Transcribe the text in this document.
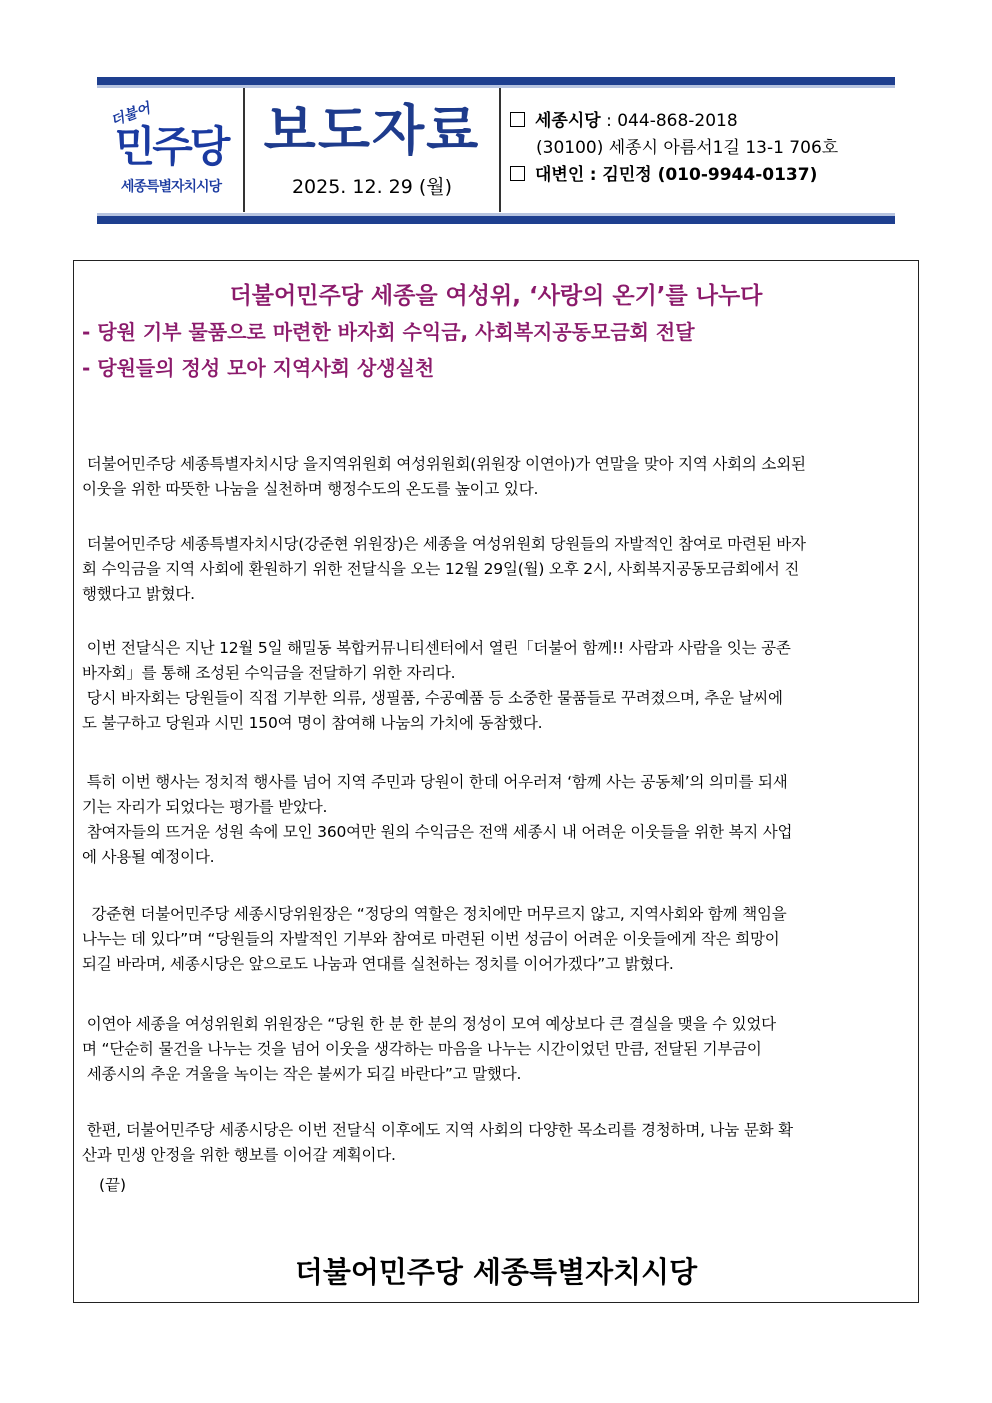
더불어
민주당
세종특별자치시당
보도자료
2025. 12. 29 (월)
세종시당 : 044-868-2018
(30100) 세종시 아름서1길 13-1 706호
대변인 : 김민정 (010-9944-0137)
더불어민주당 세종을 여성위, ‘사랑의 온기’를 나누다
- 당원 기부 물품으로 마련한 바자회 수익금, 사회복지공동모금회 전달
- 당원들의 정성 모아 지역사회 상생실천
더불어민주당 세종특별자치시당 을지역위원회 여성위원회(위원장 이연아)가 연말을 맞아 지역 사회의 소외된
이웃을 위한 따뜻한 나눔을 실천하며 행정수도의 온도를 높이고 있다.
더불어민주당 세종특별자치시당(강준현 위원장)은 세종을 여성위원회 당원들의 자발적인 참여로 마련된 바자
회 수익금을 지역 사회에 환원하기 위한 전달식을 오는 12월 29일(월) 오후 2시, 사회복지공동모금회에서 진
행했다고 밝혔다.
이번 전달식은 지난 12월 5일 해밀동 복합커뮤니티센터에서 열린「더불어 함께!! 사람과 사람을 잇는 공존
바자회」를 통해 조성된 수익금을 전달하기 위한 자리다.
당시 바자회는 당원들이 직접 기부한 의류, 생필품, 수공예품 등 소중한 물품들로 꾸려졌으며, 추운 날씨에
도 불구하고 당원과 시민 150여 명이 참여해 나눔의 가치에 동참했다.
특히 이번 행사는 정치적 행사를 넘어 지역 주민과 당원이 한데 어우러져 ‘함께 사는 공동체’의 의미를 되새
기는 자리가 되었다는 평가를 받았다.
참여자들의 뜨거운 성원 속에 모인 360여만 원의 수익금은 전액 세종시 내 어려운 이웃들을 위한 복지 사업
에 사용될 예정이다.
강준현 더불어민주당 세종시당위원장은 “정당의 역할은 정치에만 머무르지 않고, 지역사회와 함께 책임을
나누는 데 있다”며 “당원들의 자발적인 기부와 참여로 마련된 이번 성금이 어려운 이웃들에게 작은 희망이
되길 바라며, 세종시당은 앞으로도 나눔과 연대를 실천하는 정치를 이어가겠다”고 밝혔다.
이연아 세종을 여성위원회 위원장은 “당원 한 분 한 분의 정성이 모여 예상보다 큰 결실을 맺을 수 있었다
며 “단순히 물건을 나누는 것을 넘어 이웃을 생각하는 마음을 나누는 시간이었던 만큼, 전달된 기부금이
세종시의 추운 겨울을 녹이는 작은 불씨가 되길 바란다”고 말했다.
한편, 더불어민주당 세종시당은 이번 전달식 이후에도 지역 사회의 다양한 목소리를 경청하며, 나눔 문화 확
산과 민생 안정을 위한 행보를 이어갈 계획이다.
(끝)
더불어민주당 세종특별자치시당
